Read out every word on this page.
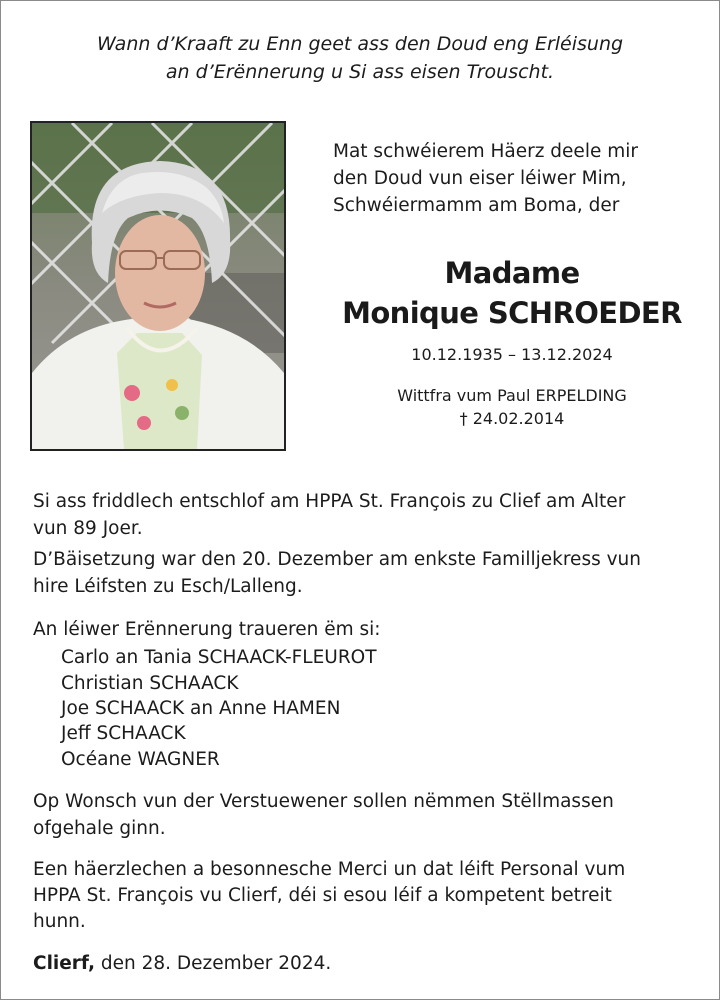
Wann d’Kraaft zu Enn geet ass den Doud eng Erléisung
an d’Erënnerung u Si ass eisen Trouscht.
Mat schwéierem Häerz deele mir
den Doud vun eiser léiwer Mim,
Schwéiermamm am Boma, der
Madame
Monique SCHROEDER
10.12.1935 – 13.12.2024
Wittfra vum Paul ERPELDING
† 24.02.2014
Si ass friddlech entschlof am HPPA St. François zu Clief am Alter
vun 89 Joer.
D’Bäisetzung war den 20. Dezember am enkste Familljekress vun
hire Léifsten zu Esch/Lalleng.
An léiwer Erënnerung traueren ëm si:
Carlo an Tania SCHAACK-FLEUROT
Christian SCHAACK
Joe SCHAACK an Anne HAMEN
Jeff SCHAACK
Océane WAGNER
Op Wonsch vun der Verstuewener sollen nëmmen Stëllmassen
ofgehale ginn.
Een häerzlechen a besonnesche Merci un dat léift Personal vum
HPPA St. François vu Clierf, déi si esou léif a kompetent betreit
hunn.
Clierf, den 28. Dezember 2024.
